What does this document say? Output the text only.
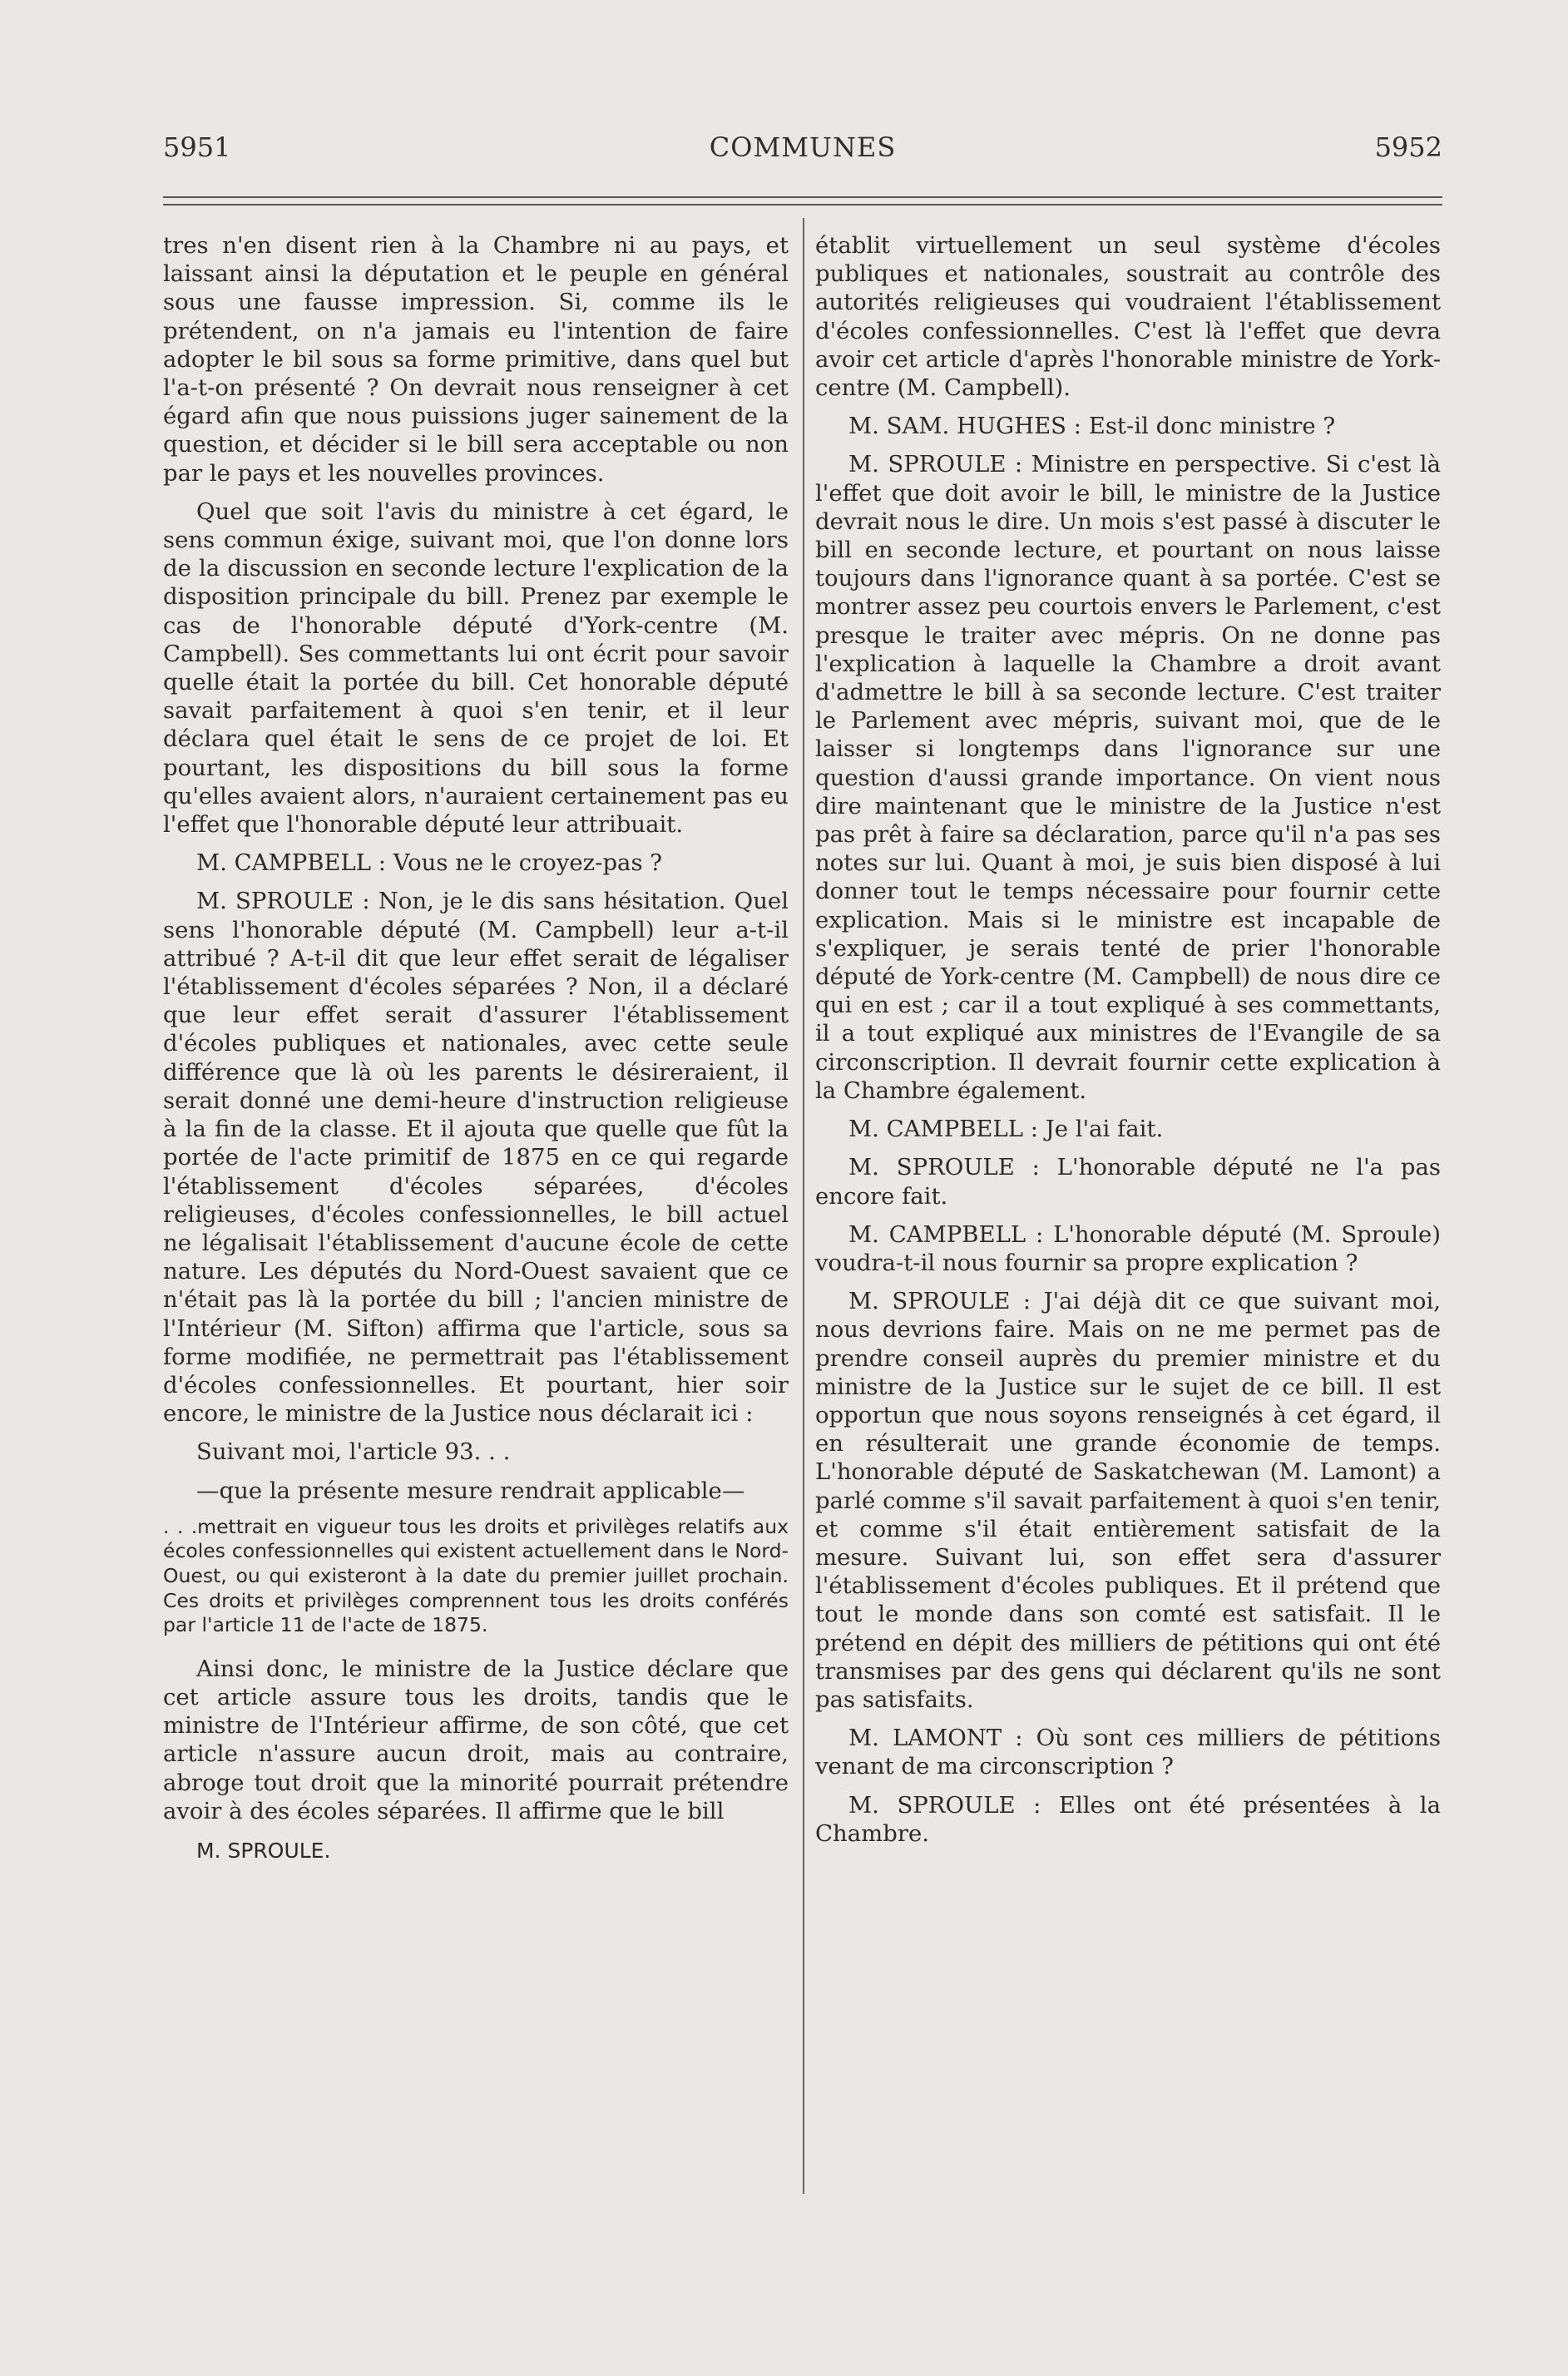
5951	COMMUNES	5952

tres n'en disent rien à la Chambre ni au pays, et laissant ainsi la députation et le peuple en général sous une fausse impression. Si, comme ils le prétendent, on n'a jamais eu l'intention de faire adopter le bil sous sa forme primitive, dans quel but l'a-t-on présenté ? On devrait nous renseigner à cet égard afin que nous puissions juger sainement de la question, et décider si le bill sera acceptable ou non par le pays et les nouvelles provinces.

Quel que soit l'avis du ministre à cet égard, le sens commun éxige, suivant moi, que l'on donne lors de la discussion en seconde lecture l'explication de la disposition principale du bill. Prenez par exemple le cas de l'honorable député d'York-centre (M. Campbell). Ses commettants lui ont écrit pour savoir quelle était la portée du bill. Cet honorable député savait parfaitement à quoi s'en tenir, et il leur déclara quel était le sens de ce projet de loi. Et pourtant, les dispositions du bill sous la forme qu'elles avaient alors, n'auraient certainement pas eu l'effet que l'honorable député leur attribuait.

M. CAMPBELL : Vous ne le croyez-pas ?

M. SPROULE : Non, je le dis sans hésitation. Quel sens l'honorable député (M. Campbell) leur a-t-il attribué ? A-t-il dit que leur effet serait de légaliser l'établissement d'écoles séparées ? Non, il a déclaré que leur effet serait d'assurer l'établissement d'écoles publiques et nationales, avec cette seule différence que là où les parents le désireraient, il serait donné une demi-heure d'instruction religieuse à la fin de la classe. Et il ajouta que quelle que fût la portée de l'acte primitif de 1875 en ce qui regarde l'établissement d'écoles séparées, d'écoles religieuses, d'écoles confessionnelles, le bill actuel ne légalisait l'établissement d'aucune école de cette nature. Les députés du Nord-Ouest savaient que ce n'était pas là la portée du bill ; l'ancien ministre de l'Intérieur (M. Sifton) affirma que l'article, sous sa forme modifiée, ne permettrait pas l'établissement d'écoles confessionnelles. Et pourtant, hier soir encore, le ministre de la Justice nous déclarait ici :

Suivant moi, l'article 93. . .

—que la présente mesure rendrait applicable—

. . .mettrait en vigueur tous les droits et privilèges relatifs aux écoles confessionnelles qui existent actuellement dans le Nord-Ouest, ou qui existeront à la date du premier juillet prochain. Ces droits et privilèges comprennent tous les droits conférés par l'article 11 de l'acte de 1875.

Ainsi donc, le ministre de la Justice déclare que cet article assure tous les droits, tandis que le ministre de l'Intérieur affirme, de son côté, que cet article n'assure aucun droit, mais au contraire, abroge tout droit que la minorité pourrait prétendre avoir à des écoles séparées. Il affirme que le bill

M. SPROULE.

établit virtuellement un seul système d'écoles publiques et nationales, soustrait au contrôle des autorités religieuses qui voudraient l'établissement d'écoles confessionnelles. C'est là l'effet que devra avoir cet article d'après l'honorable ministre de York-centre (M. Campbell).

M. SAM. HUGHES : Est-il donc ministre ?

M. SPROULE : Ministre en perspective. Si c'est là l'effet que doit avoir le bill, le ministre de la Justice devrait nous le dire. Un mois s'est passé à discuter le bill en seconde lecture, et pourtant on nous laisse toujours dans l'ignorance quant à sa portée. C'est se montrer assez peu courtois envers le Parlement, c'est presque le traiter avec mépris. On ne donne pas l'explication à laquelle la Chambre a droit avant d'admettre le bill à sa seconde lecture. C'est traiter le Parlement avec mépris, suivant moi, que de le laisser si longtemps dans l'ignorance sur une question d'aussi grande importance. On vient nous dire maintenant que le ministre de la Justice n'est pas prêt à faire sa déclaration, parce qu'il n'a pas ses notes sur lui. Quant à moi, je suis bien disposé à lui donner tout le temps nécessaire pour fournir cette explication. Mais si le ministre est incapable de s'expliquer, je serais tenté de prier l'honorable député de York-centre (M. Campbell) de nous dire ce qui en est ; car il a tout expliqué à ses commettants, il a tout expliqué aux ministres de l'Evangile de sa circonscription. Il devrait fournir cette explication à la Chambre également.

M. CAMPBELL : Je l'ai fait.

M. SPROULE : L'honorable député ne l'a pas encore fait.

M. CAMPBELL : L'honorable député (M. Sproule) voudra-t-il nous fournir sa propre explication ?

M. SPROULE : J'ai déjà dit ce que suivant moi, nous devrions faire. Mais on ne me permet pas de prendre conseil auprès du premier ministre et du ministre de la Justice sur le sujet de ce bill. Il est opportun que nous soyons renseignés à cet égard, il en résulterait une grande économie de temps. L'honorable député de Saskatchewan (M. Lamont) a parlé comme s'il savait parfaitement à quoi s'en tenir, et comme s'il était entièrement satisfait de la mesure. Suivant lui, son effet sera d'assurer l'établissement d'écoles publiques. Et il prétend que tout le monde dans son comté est satisfait. Il le prétend en dépit des milliers de pétitions qui ont été transmises par des gens qui déclarent qu'ils ne sont pas satisfaits.

M. LAMONT : Où sont ces milliers de pétitions venant de ma circonscription ?

M. SPROULE : Elles ont été présentées à la Chambre.
